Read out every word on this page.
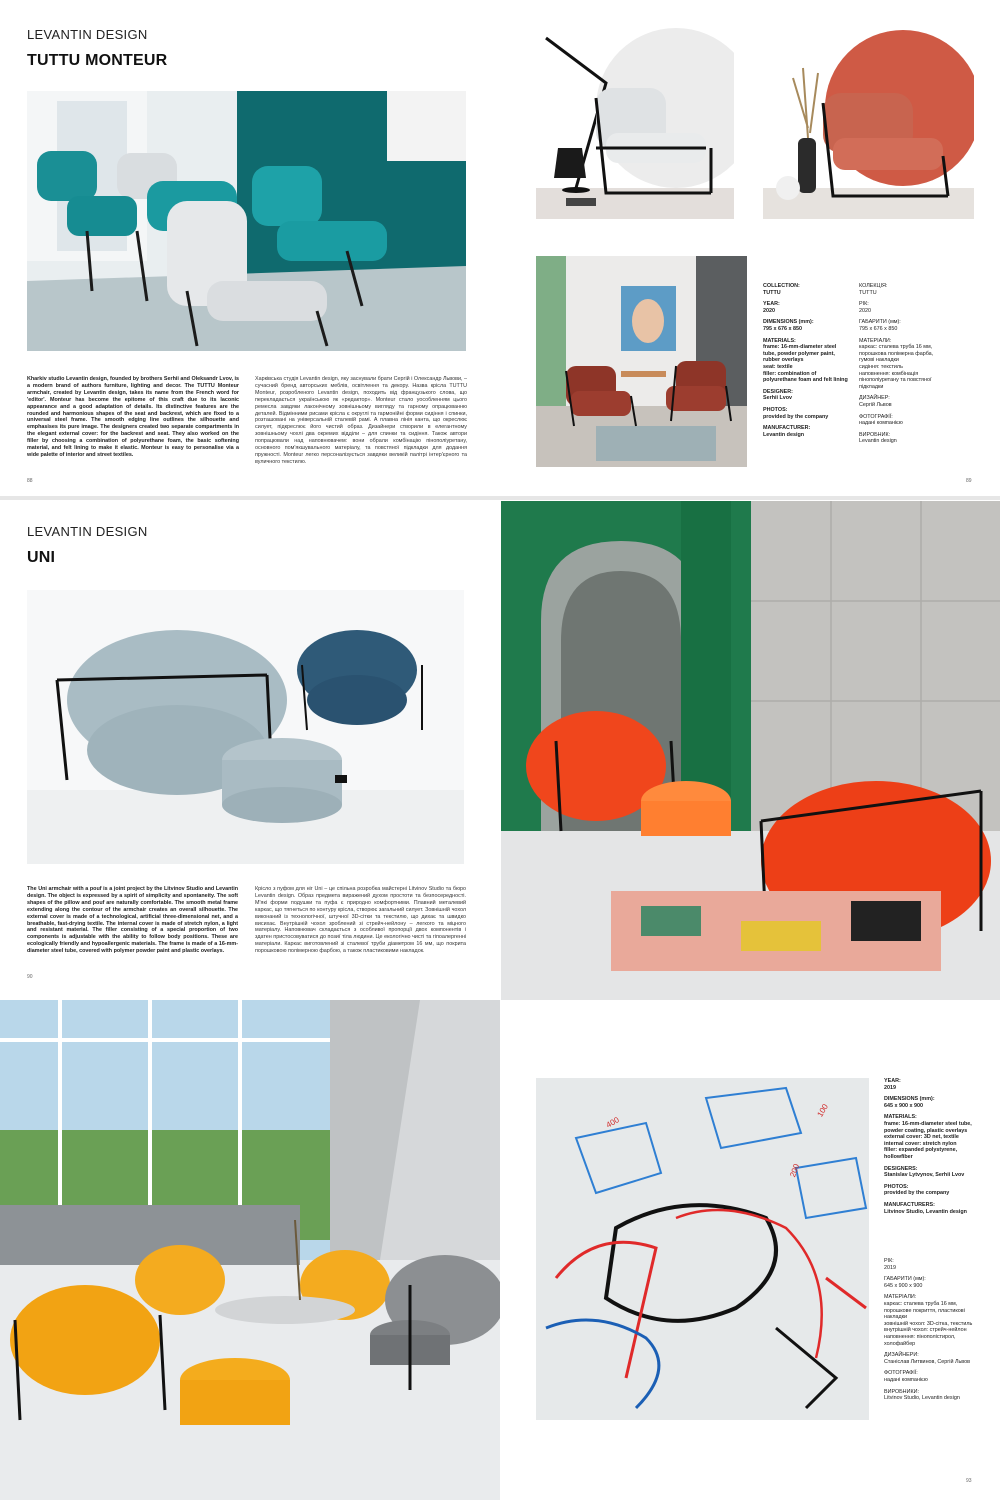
LEVANTIN DESIGN
TUTTU MONTEUR
Kharkiv studio Levantin design, founded by brothers Serhii and Oleksandr Lvov, is a modern brand of authors furniture, lighting and decor. The TUTTU Monteur armchair, created by Levantin design, takes its name from the French word for 'editor'. Monteur has become the epitome of this craft due to its laconic appearance and a good adaptation of details. Its distinctive features are the rounded and harmonious shapes of the seat and backrest, which are fixed to a universal steel frame. The smooth edging line outlines the silhouette and emphasises its pure image. The designers created two separate compartments in the elegant external cover: for the backrest and seat. They also worked on the filler by choosing a combination of polyurethane foam, the basic softening material, and felt lining to make it elastic. Monteur is easy to personalise via a wide palette of interior and street textiles.
Харківська студія Levantin design, яку заснували брати Сергій і Олександр Львови, – сучасний бренд авторських меблів, освітлення та декору. Назва крісла TUTTU Monteur, розробленого Levantin design, походить від французького слова, що перекладається українською як «редактор». Monteur стало уособленням цього ремесла завдяки лаконічному зовнішньому вигляду та гарному опрацюванню деталей. Відмінними рисами крісла є округлі та гармонійні форми сидіння і спинки, розташовані на універсальній сталевій рамі. А плавна лінія канта, що окреслює силует, підкреслює його чистий образ. Дизайнери створили в елегантному зовнішньому чохлі два окремих відділи – для спинки та сидіння. Також автори попрацювали над наповнювачем: вони обрали комбінацію пінополіуретану, основного пом'якшувального матеріалу, та повстяної підкладки для додання пружності. Monteur легко персоналізується завдяки великій палітрі інтер'єрного та вуличного текстилю.
88	89
COLLECTION:
TUTTU
YEAR:
2020
DIMENSIONS (mm):
795 x 676 x 850
MATERIALS:
frame: 16-mm-diameter steel tube, powder polymer paint, rubber overlays
seat: textile
filler: combination of polyurethane foam and felt lining
DESIGNER:
Serhii Lvov
PHOTOS:
provided by the company
MANUFACTURER:
Levantin design
КОЛЕКЦІЯ:
TUTTU
РІК:
2020
ГАБАРИТИ (мм):
795 x 676 x 850
МАТЕРІАЛИ:
каркас: сталева труба 16 мм, порошкова полімерна фарба, гумові накладки
сидіння: текстиль
наповнення: комбінація пінополіуретану та повстяної підкладки
ДИЗАЙНЕР:
Сергій Львов
ФОТОГРАФІЇ:
надані компанією
ВИРОБНИК:
Levantin design
LEVANTIN DESIGN
UNI
The Uni armchair with a pouf is a joint project by the Litvinov Studio and Levantin design. The object is expressed by a spirit of simplicity and spontaneity. The soft shapes of the pillow and pouf are naturally comfortable. The smooth metal frame extending along the contour of the armchair creates an overall silhouette. The external cover is made of a technological, artificial three-dimensional net, and a breathable, fast-drying textile. The internal cover is made of stretch nylon, a light and resistant material. The filler consisting of a special proportion of two components is adjustable with the ability to follow body positions. These are ecologically friendly and hypoallergenic materials. The frame is made of a 16-mm-diameter steel tube, covered with polymer powder paint and plastic overlays.
Крісло з пуфом для ніг Uni – це спільна розробка майстерні Litvinov Studio та бюро Levantin design. Образ предмета виражений духом простоти та безпосередності. М'які форми подушки та пуфа є природно комфортними. Плавний металевий каркас, що тягнеться по контуру крісла, створює загальний силует. Зовнішній чохол виконаний із технологічної, штучної 3D-сітки та текстилю, що дихає та швидко висихає. Внутрішній чохол зроблений зі стрейч-нейлону – легкого та міцного матеріалу. Наповнювач складається з особливої пропорції двох компонентів і здатен пристосовуватися до позиї тіла людини. Це екологічно чисті та гіпоалергенні матеріали. Каркас виготовлений зі сталевої труби діаметром 16 мм, що покрита порошковою полімерною фарбою, а також пластиковими накладок.
90
400
200
100
YEAR:
2019
DIMENSIONS (mm):
645 x 900 x 900
MATERIALS:
frame: 16-mm-diameter steel tube, powder coating, plastic overlays
external cover: 3D net, textile
internal cover: stretch nylon
filler: expanded polystyrene, hollowfiber
DESIGNERS:
Stanislav Lytvynov, Serhii Lvov
PHOTOS:
provided by the company
MANUFACTURERS:
Litvinov Studio, Levantin design
РІК:
2019
ГАБАРИТИ (мм):
645 x 900 x 900
МАТЕРІАЛИ:
каркас: сталева труба 16 мм, порошкове покриття, пластикові накладки
зовнішній чохол: 3D-сітка, текстиль
внутрішній чохол: стрейч-нейлон
наповнення: пінополістирол, холофайбер
ДИЗАЙНЕРИ:
Станіслав Литвинов, Сергій Львов
ФОТОГРАФІЇ:
надані компанією
ВИРОБНИКИ:
Litvinov Studio, Levantin design
93
